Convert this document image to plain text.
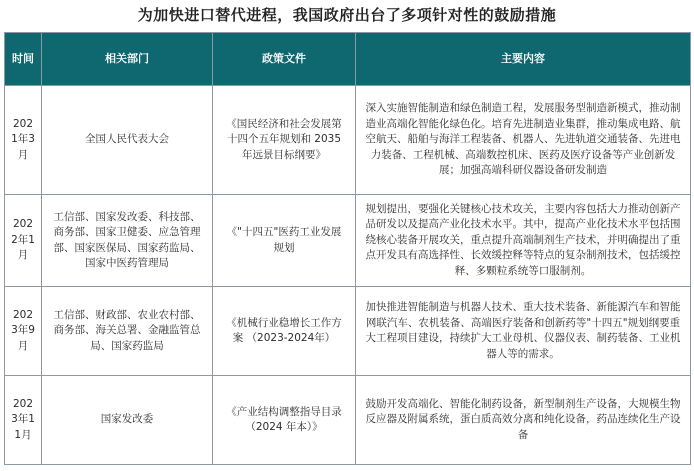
为加快进口替代进程，我国政府出台了多项针对性的鼓励措施
时间	相关部门	政策文件	主要内容
2021年3月	全国人民代表大会	《国民经济和社会发展第十四个五年规划和 2035 年远景目标纲要》	深入实施智能制造和绿色制造工程，发展服务型制造新模式，推动制造业高端化智能化绿色化。培育先进制造业集群，推动集成电路、航空航天、船舶与海洋工程装备、机器人、先进轨道交通装备、先进电力装备、工程机械、高端数控机床、医药及医疗设备等产业创新发展；加强高端科研仪器设备研发制造
2022年1月	工信部、国家发改委、科技部、商务部、国家卫健委、应急管理部、国家医保局、国家药监局、国家中医药管理局	《"十四五"医药工业发展规划	规划提出，要强化关键核心技术攻关，主要内容包括大力推动创新产品研发以及提高产业化技术水平。其中，提高产业化技术水平包括围绕核心装备开展攻关，重点提升高端制剂生产技术，并明确提出了重点开发具有高选择性、长效缓控释等特点的复杂制剂技术，包括缓控释、多颗粒系统等口服制剂。
2023年9月	工信部、财政部、农业农村部、商务部、海关总署、金融监管总局、国家药监局	《机械行业稳增长工作方案 （2023-2024年）	加快推进智能制造与机器人技术、重大技术装备、新能源汽车和智能网联汽车、农机装备、高端医疗装备和创新药等"十四五"规划纲要重大工程项目建设，持续扩大工业母机、仪器仪表、制药装备、工业机器人等的需求。
2023年11月	国家发改委	《产业结构调整指导目录（2024 年本）》	鼓励开发高端化、智能化制药设备，新型制剂生产设备，大规模生物反应器及附属系统，蛋白质高效分离和纯化设备，药品连续化生产设备
